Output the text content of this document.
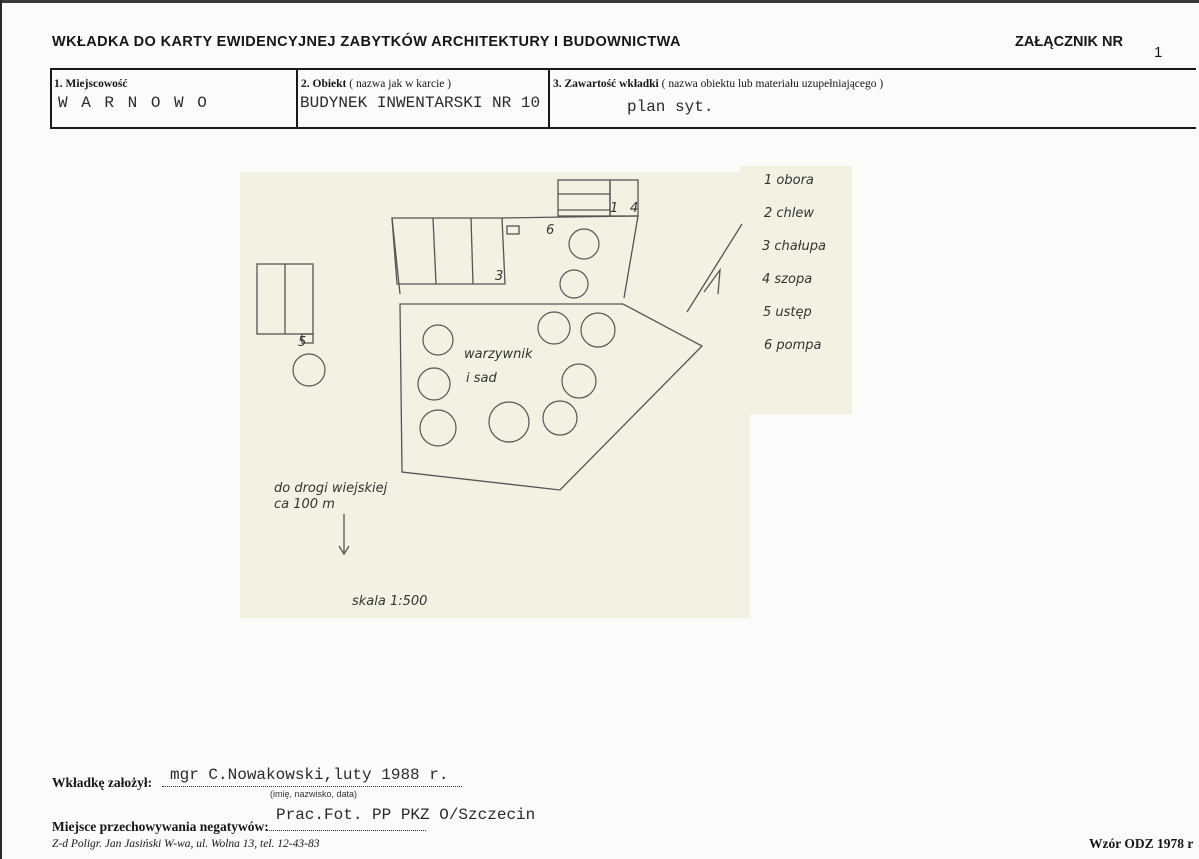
WKŁADKA DO KARTY EWIDENCYJNEJ ZABYTKÓW ARCHITEKTURY I BUDOWNICTWA	ZAŁĄCZNIK NR
1
1. Miejscowość
W A R N O W O
2. Obiekt ( nazwa jak w karcie )
BUDYNEK INWENTARSKI NR 10
3. Zawartość wkładki ( nazwa obiektu lub materiału uzupełniającego )
plan syt.
1 4
3
5
6
1 obora
2 chlew
3 chałupa
4 szopa
5 ustęp
6 pompa
warzywnik
i sad
do drogi wiejskiej
ca 100 m
skala 1:500
Wkładkę założył: mgr C.Nowakowski,luty 1988 r.
(imię, nazwisko, data)
Miejsce przechowywania negatywów:
Prac.Fot. PP PKZ O/Szczecin
Z-d Poligr. Jan Jasiński W-wa, ul. Wolna 13, tel. 12-43-83	Wzór ODZ 1978 r
